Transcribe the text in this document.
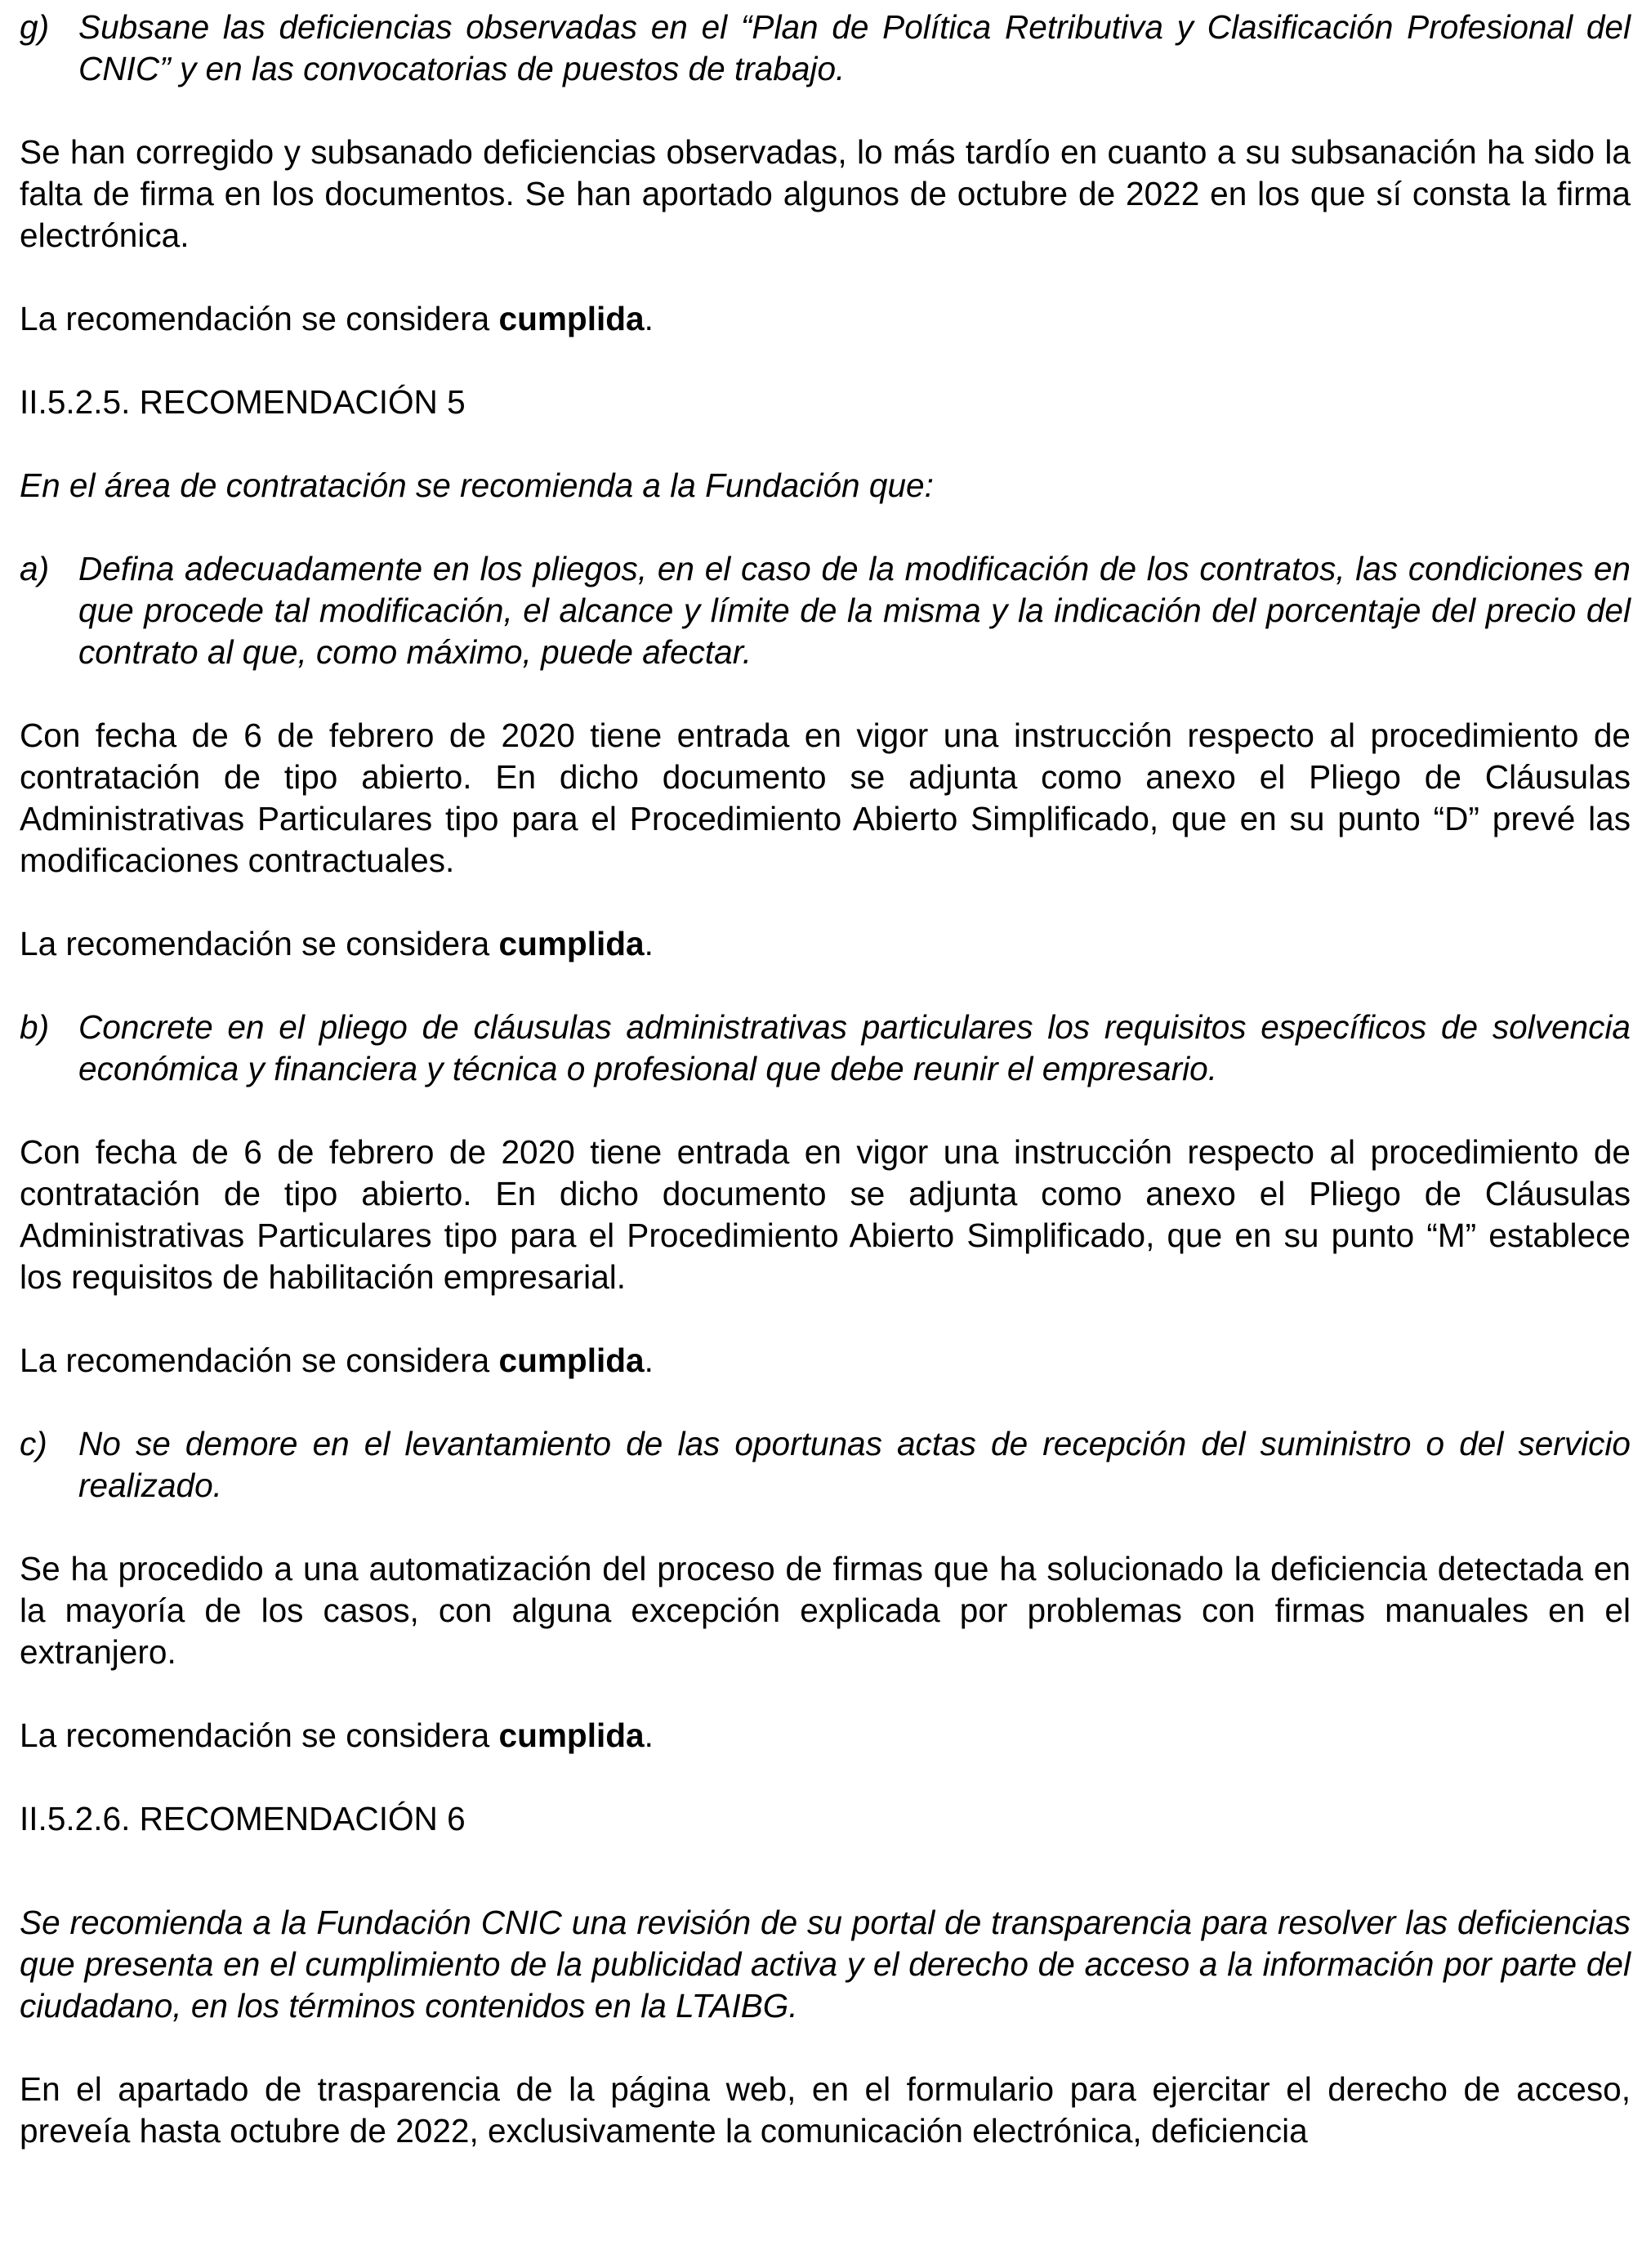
g) Subsane las deficiencias observadas en el “Plan de Política Retributiva y Clasificación Profesional del CNIC” y en las convocatorias de puestos de trabajo.

Se han corregido y subsanado deficiencias observadas, lo más tardío en cuanto a su subsanación ha sido la falta de firma en los documentos. Se han aportado algunos de octubre de 2022 en los que sí consta la firma electrónica.

La recomendación se considera cumplida.

II.5.2.5. RECOMENDACIÓN 5

En el área de contratación se recomienda a la Fundación que:

a) Defina adecuadamente en los pliegos, en el caso de la modificación de los contratos, las condiciones en que procede tal modificación, el alcance y límite de la misma y la indicación del porcentaje del precio del contrato al que, como máximo, puede afectar.

Con fecha de 6 de febrero de 2020 tiene entrada en vigor una instrucción respecto al procedimiento de contratación de tipo abierto. En dicho documento se adjunta como anexo el Pliego de Cláusulas Administrativas Particulares tipo para el Procedimiento Abierto Simplificado, que en su punto “D” prevé las modificaciones contractuales.

La recomendación se considera cumplida.

b) Concrete en el pliego de cláusulas administrativas particulares los requisitos específicos de solvencia económica y financiera y técnica o profesional que debe reunir el empresario.

Con fecha de 6 de febrero de 2020 tiene entrada en vigor una instrucción respecto al procedimiento de contratación de tipo abierto. En dicho documento se adjunta como anexo el Pliego de Cláusulas Administrativas Particulares tipo para el Procedimiento Abierto Simplificado, que en su punto “M” establece los requisitos de habilitación empresarial.

La recomendación se considera cumplida.

c) No se demore en el levantamiento de las oportunas actas de recepción del suministro o del servicio realizado.

Se ha procedido a una automatización del proceso de firmas que ha solucionado la deficiencia detectada en la mayoría de los casos, con alguna excepción explicada por problemas con firmas manuales en el extranjero.

La recomendación se considera cumplida.

II.5.2.6. RECOMENDACIÓN 6

Se recomienda a la Fundación CNIC una revisión de su portal de transparencia para resolver las deficiencias que presenta en el cumplimiento de la publicidad activa y el derecho de acceso a la información por parte del ciudadano, en los términos contenidos en la LTAIBG.

En el apartado de trasparencia de la página web, en el formulario para ejercitar el derecho de acceso, preveía hasta octubre de 2022, exclusivamente la comunicación electrónica, deficiencia
